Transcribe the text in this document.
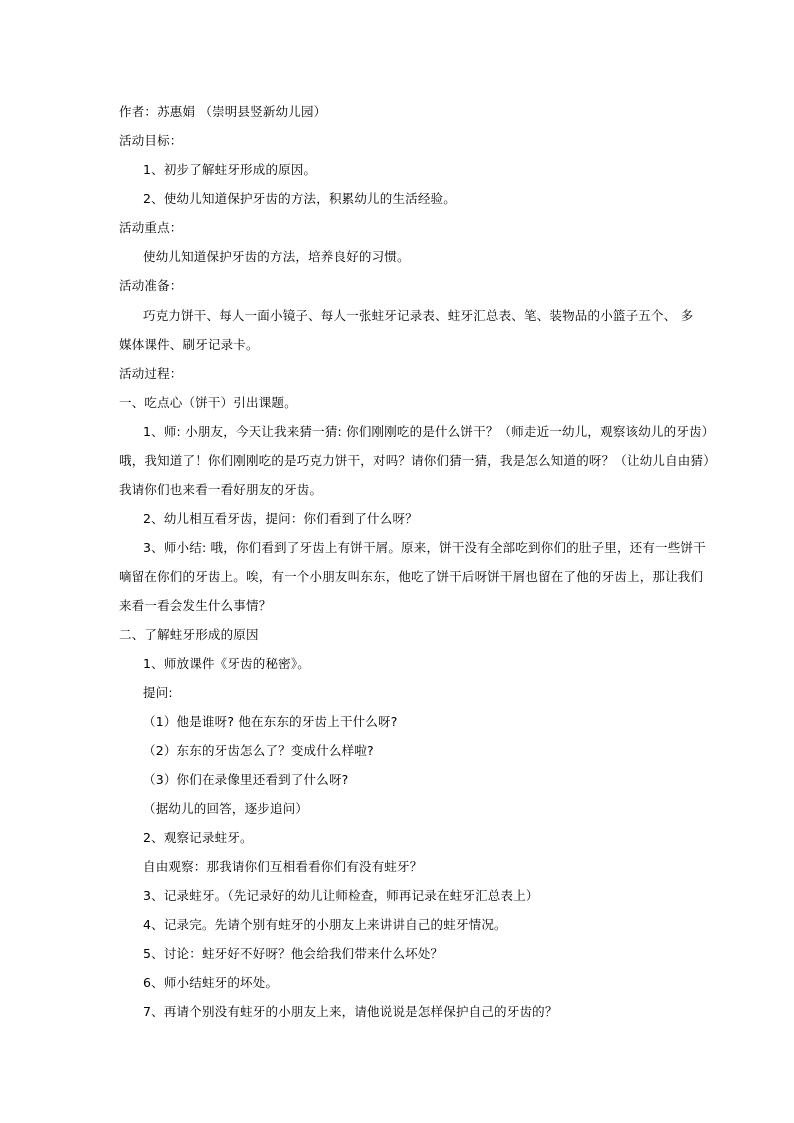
作者：苏惠娟 （崇明县竖新幼儿园）
活动目标：
1、初步了解蛀牙形成的原因。
2、使幼儿知道保护牙齿的方法，积累幼儿的生活经验。
活动重点：
使幼儿知道保护牙齿的方法，培养良好的习惯。
活动准备：
巧克力饼干、每人一面小镜子、每人一张蛀牙记录表、蛀牙汇总表、笔、装物品的小篮子五个、 多
媒体课件、刷牙记录卡。
活动过程：
一、吃点心（饼干）引出课题。
1、师: 小朋友，今天让我来猜一猜: 你们刚刚吃的是什么饼干？（师走近一幼儿，观察该幼儿的牙齿）
哦，我知道了！你们刚刚吃的是巧克力饼干，对吗？请你们猜一猜，我是怎么知道的呀？（让幼儿自由猜）
我请你们也来看一看好朋友的牙齿。
2、幼儿相互看牙齿，提问：你们看到了什么呀？
3、师小结: 哦，你们看到了牙齿上有饼干屑。原来，饼干没有全部吃到你们的肚子里，还有一些饼干
嘀留在你们的牙齿上。唉，有一个小朋友叫东东，他吃了饼干后呀饼干屑也留在了他的牙齿上，那让我们
来看一看会发生什么事情？
二、了解蛀牙形成的原因
1、师放课件《牙齿的秘密》。
提问:
（1）他是谁呀? 他在东东的牙齿上干什么呀?
（2）东东的牙齿怎么了？变成什么样啦?
（3）你们在录像里还看到了什么呀?
（据幼儿的回答，逐步追问）
2、观察记录蛀牙。
自由观察：那我请你们互相看看你们有没有蛀牙？
3、记录蛀牙。（先记录好的幼儿让师检查，师再记录在蛀牙汇总表上）
4、记录完。先请个别有蛀牙的小朋友上来讲讲自己的蛀牙情况。
5、讨论：蛀牙好不好呀？他会给我们带来什么坏处？
6、师小结蛀牙的坏处。
7、再请个别没有蛀牙的小朋友上来，请他说说是怎样保护自己的牙齿的？
